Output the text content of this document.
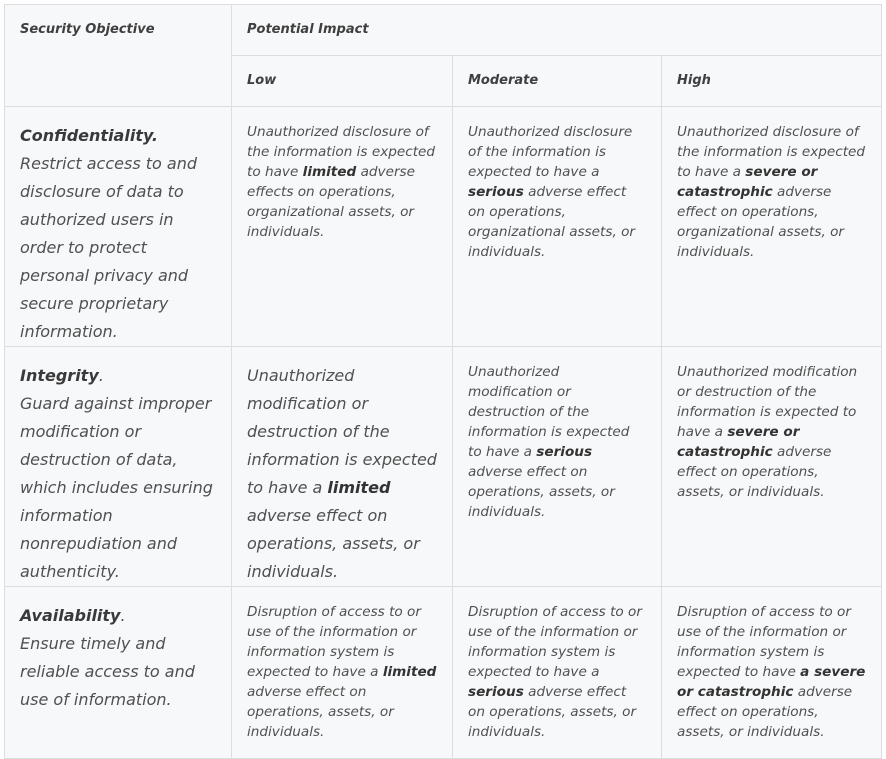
Security Objective	Potential Impact		
	Low	Moderate	High
Confidentiality.
Restrict access to and disclosure of data to authorized users in order to protect personal privacy and secure proprietary information.	Unauthorized disclosure of the information is expected to have limited adverse effects on operations, organizational assets, or individuals.	Unauthorized disclosure of the information is expected to have a serious adverse effect on operations, organizational assets, or individuals.	Unauthorized disclosure of the information is expected to have a severe or catastrophic adverse effect on operations, organizational assets, or individuals.
Integrity.
Guard against improper modification or destruction of data, which includes ensuring information nonrepudiation and authenticity.	Unauthorized modification or destruction of the information is expected to have a limited adverse effect on operations, assets, or individuals.	Unauthorized modification or destruction of the information is expected to have a serious adverse effect on operations, assets, or individuals.	Unauthorized modification or destruction of the information is expected to have a severe or catastrophic adverse effect on operations, assets, or individuals.
Availability.
Ensure timely and reliable access to and use of information.	Disruption of access to or use of the information or information system is expected to have a limited adverse effect on operations, assets, or individuals.	Disruption of access to or use of the information or information system is expected to have a serious adverse effect on operations, assets, or individuals.	Disruption of access to or use of the information or information system is expected to have a severe or catastrophic adverse effect on operations, assets, or individuals.
